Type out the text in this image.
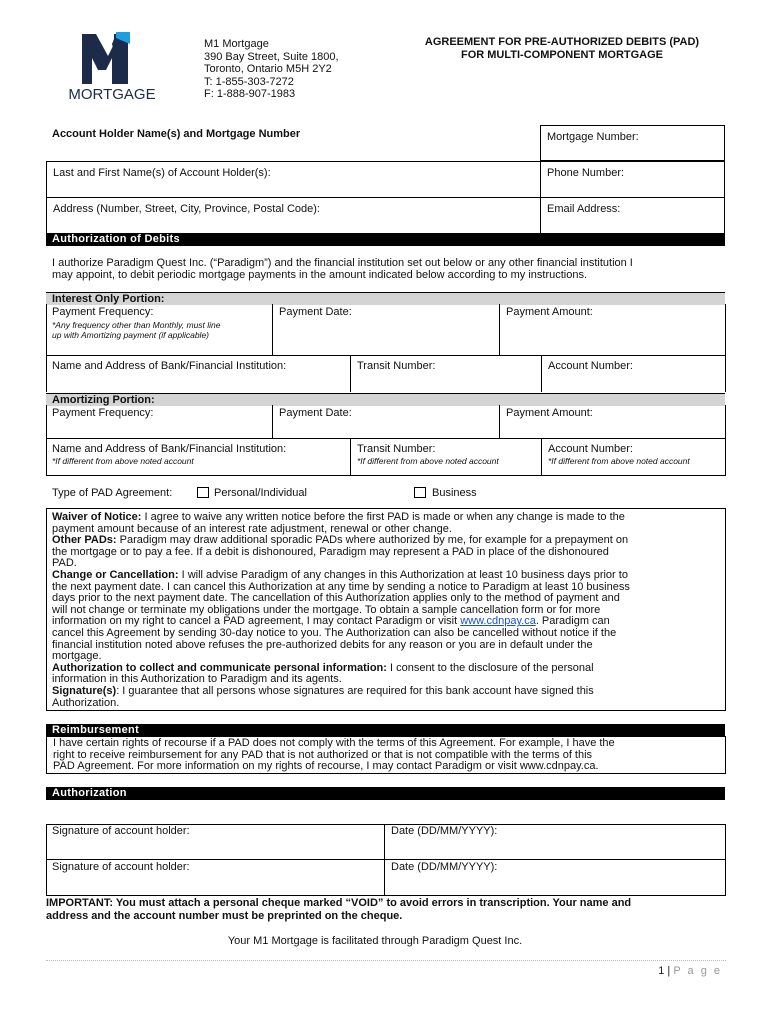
MORTGAGE
M1 Mortgage
390 Bay Street, Suite 1800,
Toronto, Ontario M5H 2Y2
T: 1-855-303-7272
F: 1-888-907-1983
AGREEMENT FOR PRE-AUTHORIZED DEBITS (PAD)
FOR MULTI-COMPONENT MORTGAGE
Account Holder Name(s) and Mortgage Number	Mortgage Number:
Last and First Name(s) of Account Holder(s):	Phone Number:
Address (Number, Street, City, Province, Postal Code):	Email Address:
Authorization of Debits
I authorize Paradigm Quest Inc. (“Paradigm”) and the financial institution set out below or any other financial institution I
may appoint, to debit periodic mortgage payments in the amount indicated below according to my instructions.
Interest Only Portion:
Payment Frequency:
*Any frequency other than Monthly, must line
up with Amortizing payment (if applicable)
Payment Date:	Payment Amount:
Name and Address of Bank/Financial Institution:	Transit Number:	Account Number:
Amortizing Portion:
Payment Frequency:	Payment Date:	Payment Amount:
Name and Address of Bank/Financial Institution:
*If different from above noted account
Transit Number:
*If different from above noted account
Account Number:
*If different from above noted account
Type of PAD Agreement:	Personal/Individual	Business
Waiver of Notice: I agree to waive any written notice before the first PAD is made or when any change is made to the
payment amount because of an interest rate adjustment, renewal or other change.
Other PADs: Paradigm may draw additional sporadic PADs where authorized by me, for example for a prepayment on
the mortgage or to pay a fee. If a debit is dishonoured, Paradigm may represent a PAD in place of the dishonoured
PAD.
Change or Cancellation: I will advise Paradigm of any changes in this Authorization at least 10 business days prior to
the next payment date. I can cancel this Authorization at any time by sending a notice to Paradigm at least 10 business
days prior to the next payment date. The cancellation of this Authorization applies only to the method of payment and
will not change or terminate my obligations under the mortgage. To obtain a sample cancellation form or for more
information on my right to cancel a PAD agreement, I may contact Paradigm or visit www.cdnpay.ca. Paradigm can
cancel this Agreement by sending 30-day notice to you. The Authorization can also be cancelled without notice if the
financial institution noted above refuses the pre-authorized debits for any reason or you are in default under the
mortgage.
Authorization to collect and communicate personal information: I consent to the disclosure of the personal
information in this Authorization to Paradigm and its agents.
Signature(s): I guarantee that all persons whose signatures are required for this bank account have signed this
Authorization.
Reimbursement
I have certain rights of recourse if a PAD does not comply with the terms of this Agreement. For example, I have the
right to receive reimbursement for any PAD that is not authorized or that is not compatible with the terms of this
PAD Agreement. For more information on my rights of recourse, I may contact Paradigm or visit www.cdnpay.ca.
Authorization
Signature of account holder:	Date (DD/MM/YYYY):
Signature of account holder:	Date (DD/MM/YYYY):
IMPORTANT: You must attach a personal cheque marked “VOID” to avoid errors in transcription. Your name and
address and the account number must be preprinted on the cheque.
Your M1 Mortgage is facilitated through Paradigm Quest Inc.
1 | P a g e
